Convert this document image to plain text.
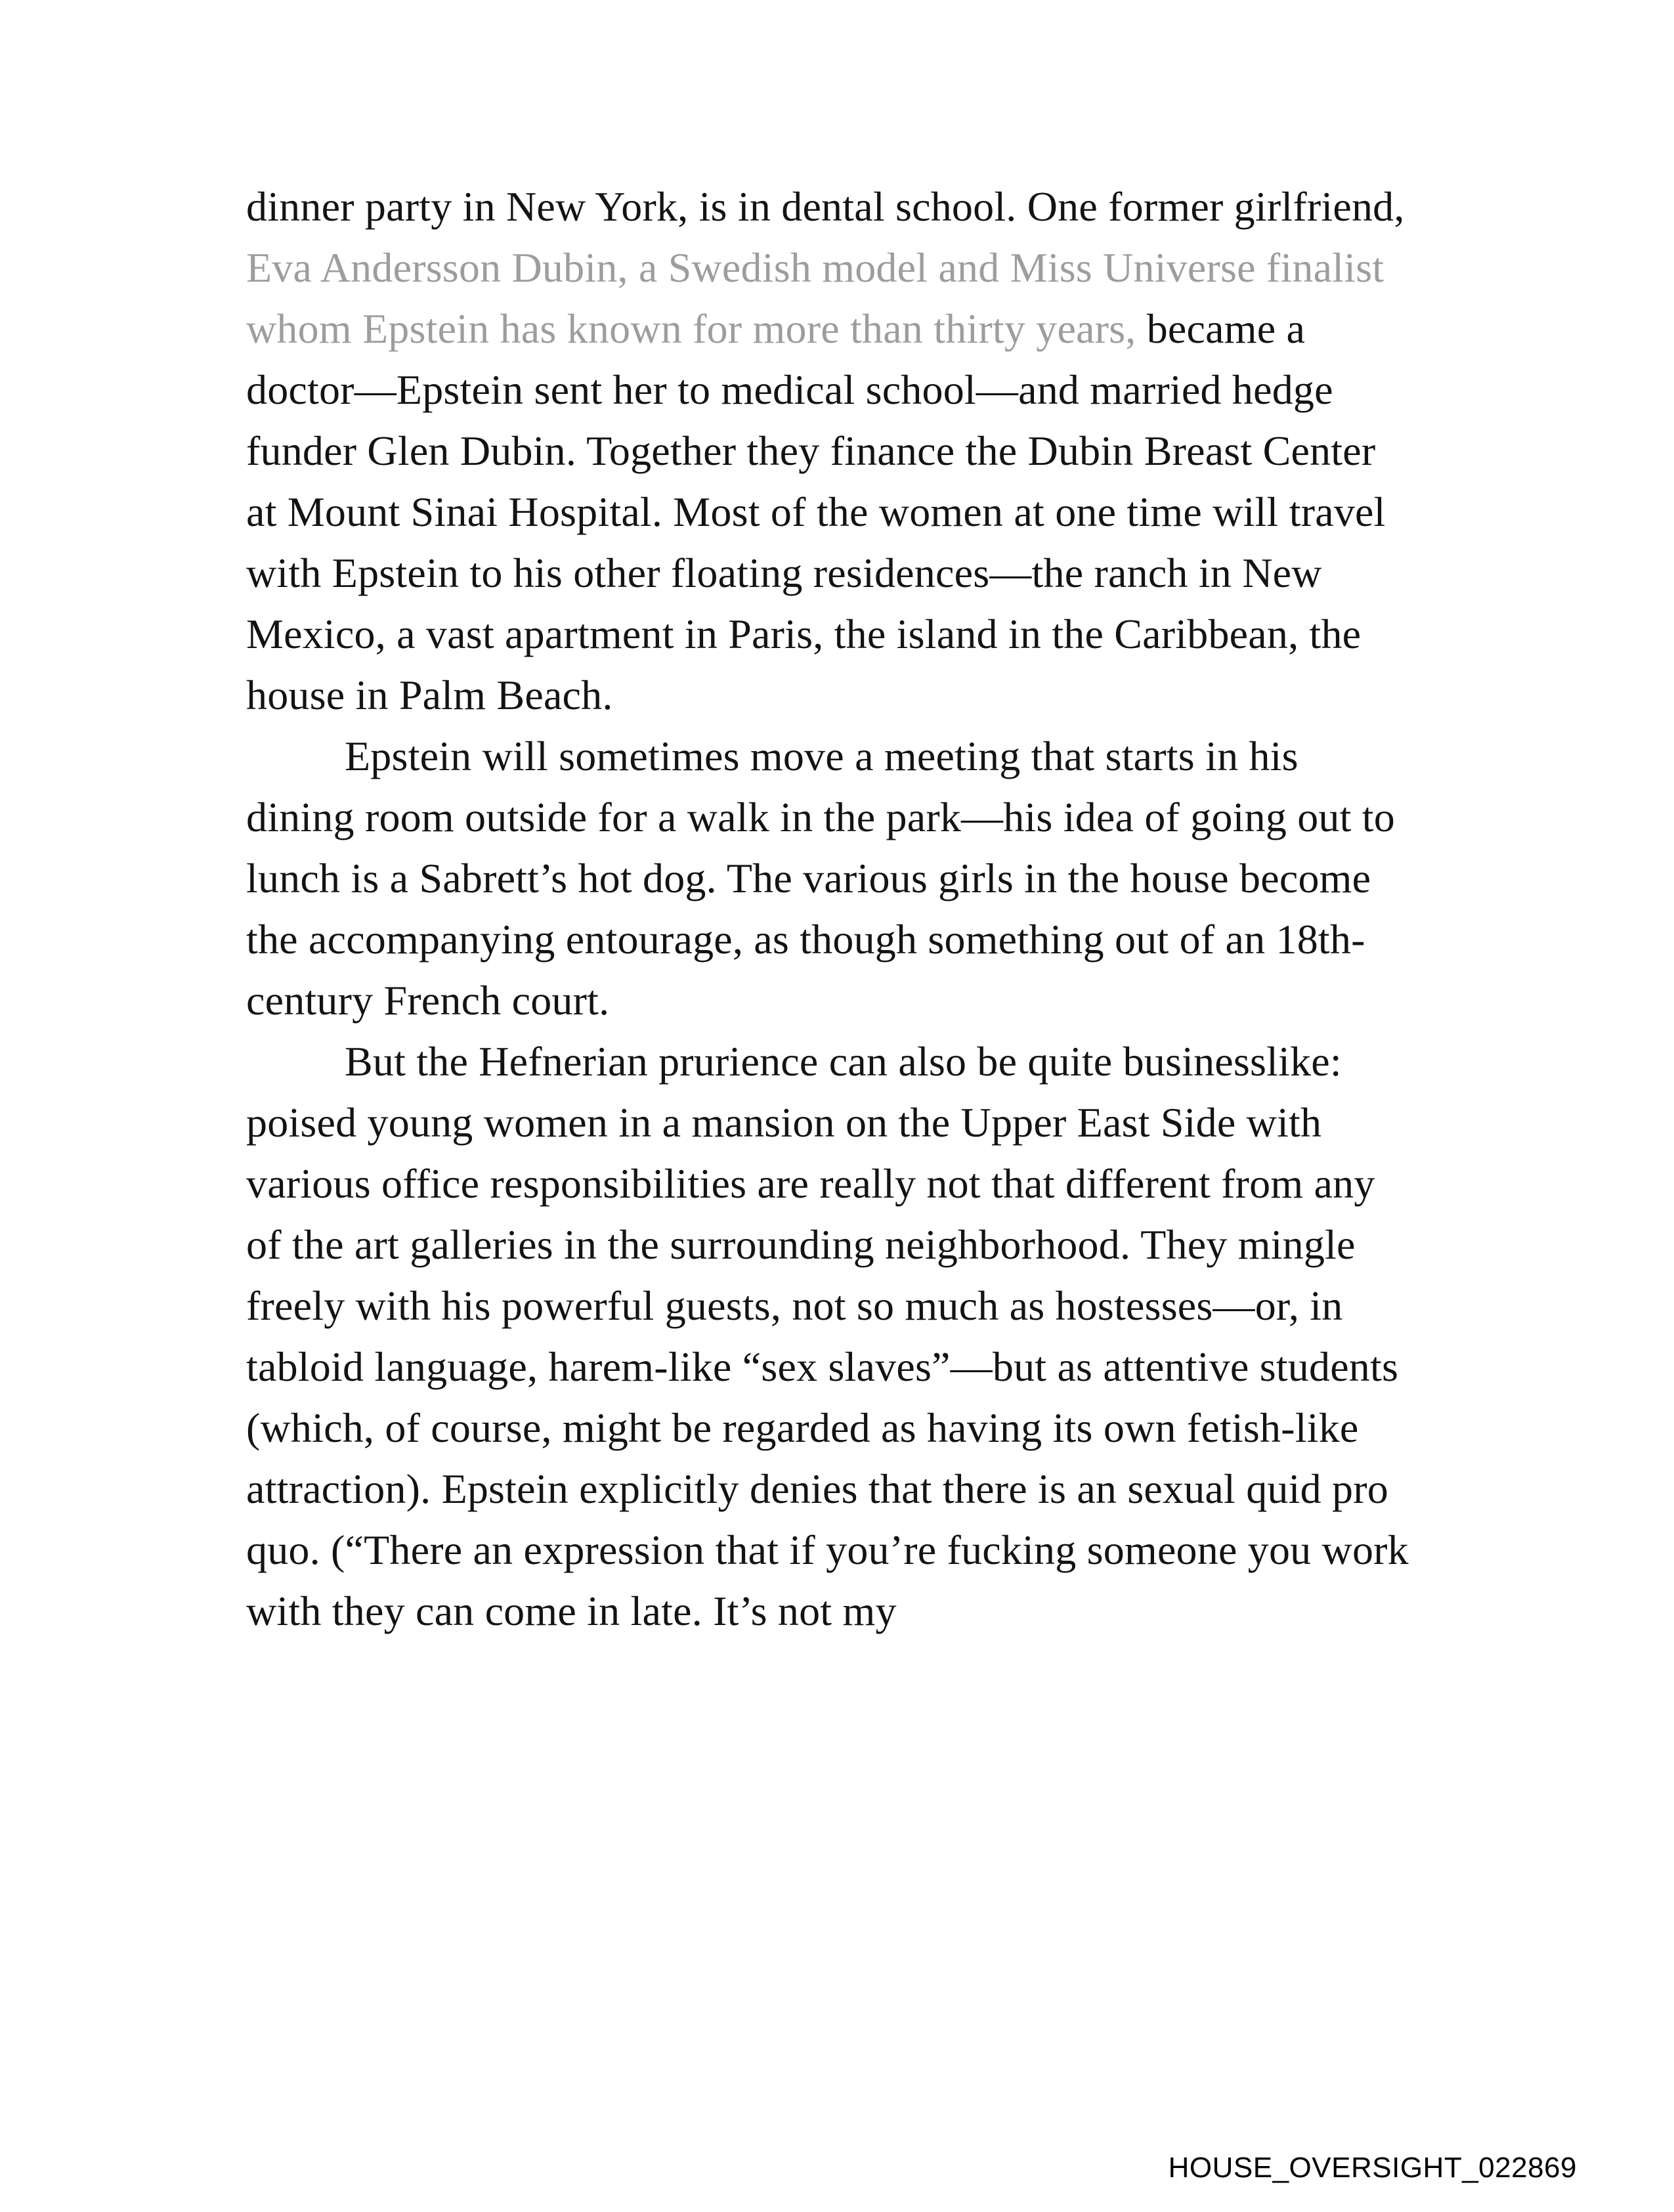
dinner party in New York, is in dental school. One former girlfriend, Eva Andersson Dubin, a Swedish model and Miss Universe finalist whom Epstein has known for more than thirty years, became a doctor—Epstein sent her to medical school—and married hedge funder Glen Dubin. Together they finance the Dubin Breast Center at Mount Sinai Hospital. Most of the women at one time will travel with Epstein to his other floating residences—the ranch in New Mexico, a vast apartment in Paris, the island in the Caribbean, the house in Palm Beach.

Epstein will sometimes move a meeting that starts in his dining room outside for a walk in the park—his idea of going out to lunch is a Sabrett’s hot dog. The various girls in the house become the accompanying entourage, as though something out of an 18th-century French court.

But the Hefnerian prurience can also be quite businesslike: poised young women in a mansion on the Upper East Side with various office responsibilities are really not that different from any of the art galleries in the surrounding neighborhood. They mingle freely with his powerful guests, not so much as hostesses—or, in tabloid language, harem-like “sex slaves”—but as attentive students (which, of course, might be regarded as having its own fetish-like attraction). Epstein explicitly denies that there is an sexual quid pro quo. (“There an expression that if you’re fucking someone you work with they can come in late. It’s not my

HOUSE_OVERSIGHT_022869
